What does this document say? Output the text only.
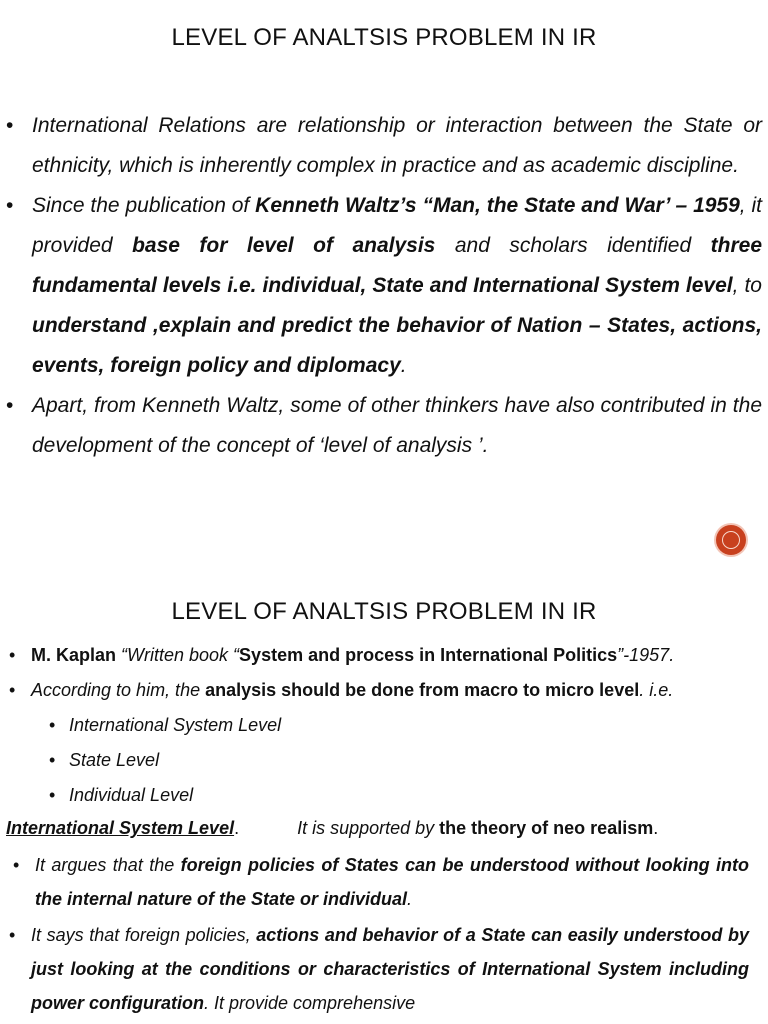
LEVEL OF ANALTSIS PROBLEM IN IR
• International Relations are relationship or interaction between the State or ethnicity, which is inherently complex in practice and as academic discipline.
• Since the publication of Kenneth Waltz’s “Man, the State and War’ – 1959, it provided base for level of analysis and scholars identified three fundamental levels i.e. individual, State and International System level, to understand ,explain and predict the behavior of Nation – States, actions, events, foreign policy and diplomacy.
• Apart, from Kenneth Waltz, some of other thinkers have also contributed in the development of the concept of ‘level of analysis ’.
LEVEL OF ANALTSIS PROBLEM IN IR
• M. Kaplan “Written book “System and process in International Politics”-1957.
• According to him, the analysis should be done from macro to micro level. i.e.
• International System Level
• State Level
• Individual Level
International System Level.	It is supported by the theory of neo realism.
• It argues that the foreign policies of States can be understood without looking into the internal nature of the State or individual.
• It says that foreign policies, actions and behavior of a State can easily understood by just looking at the conditions or characteristics of International System including power configuration. It provide comprehensive
